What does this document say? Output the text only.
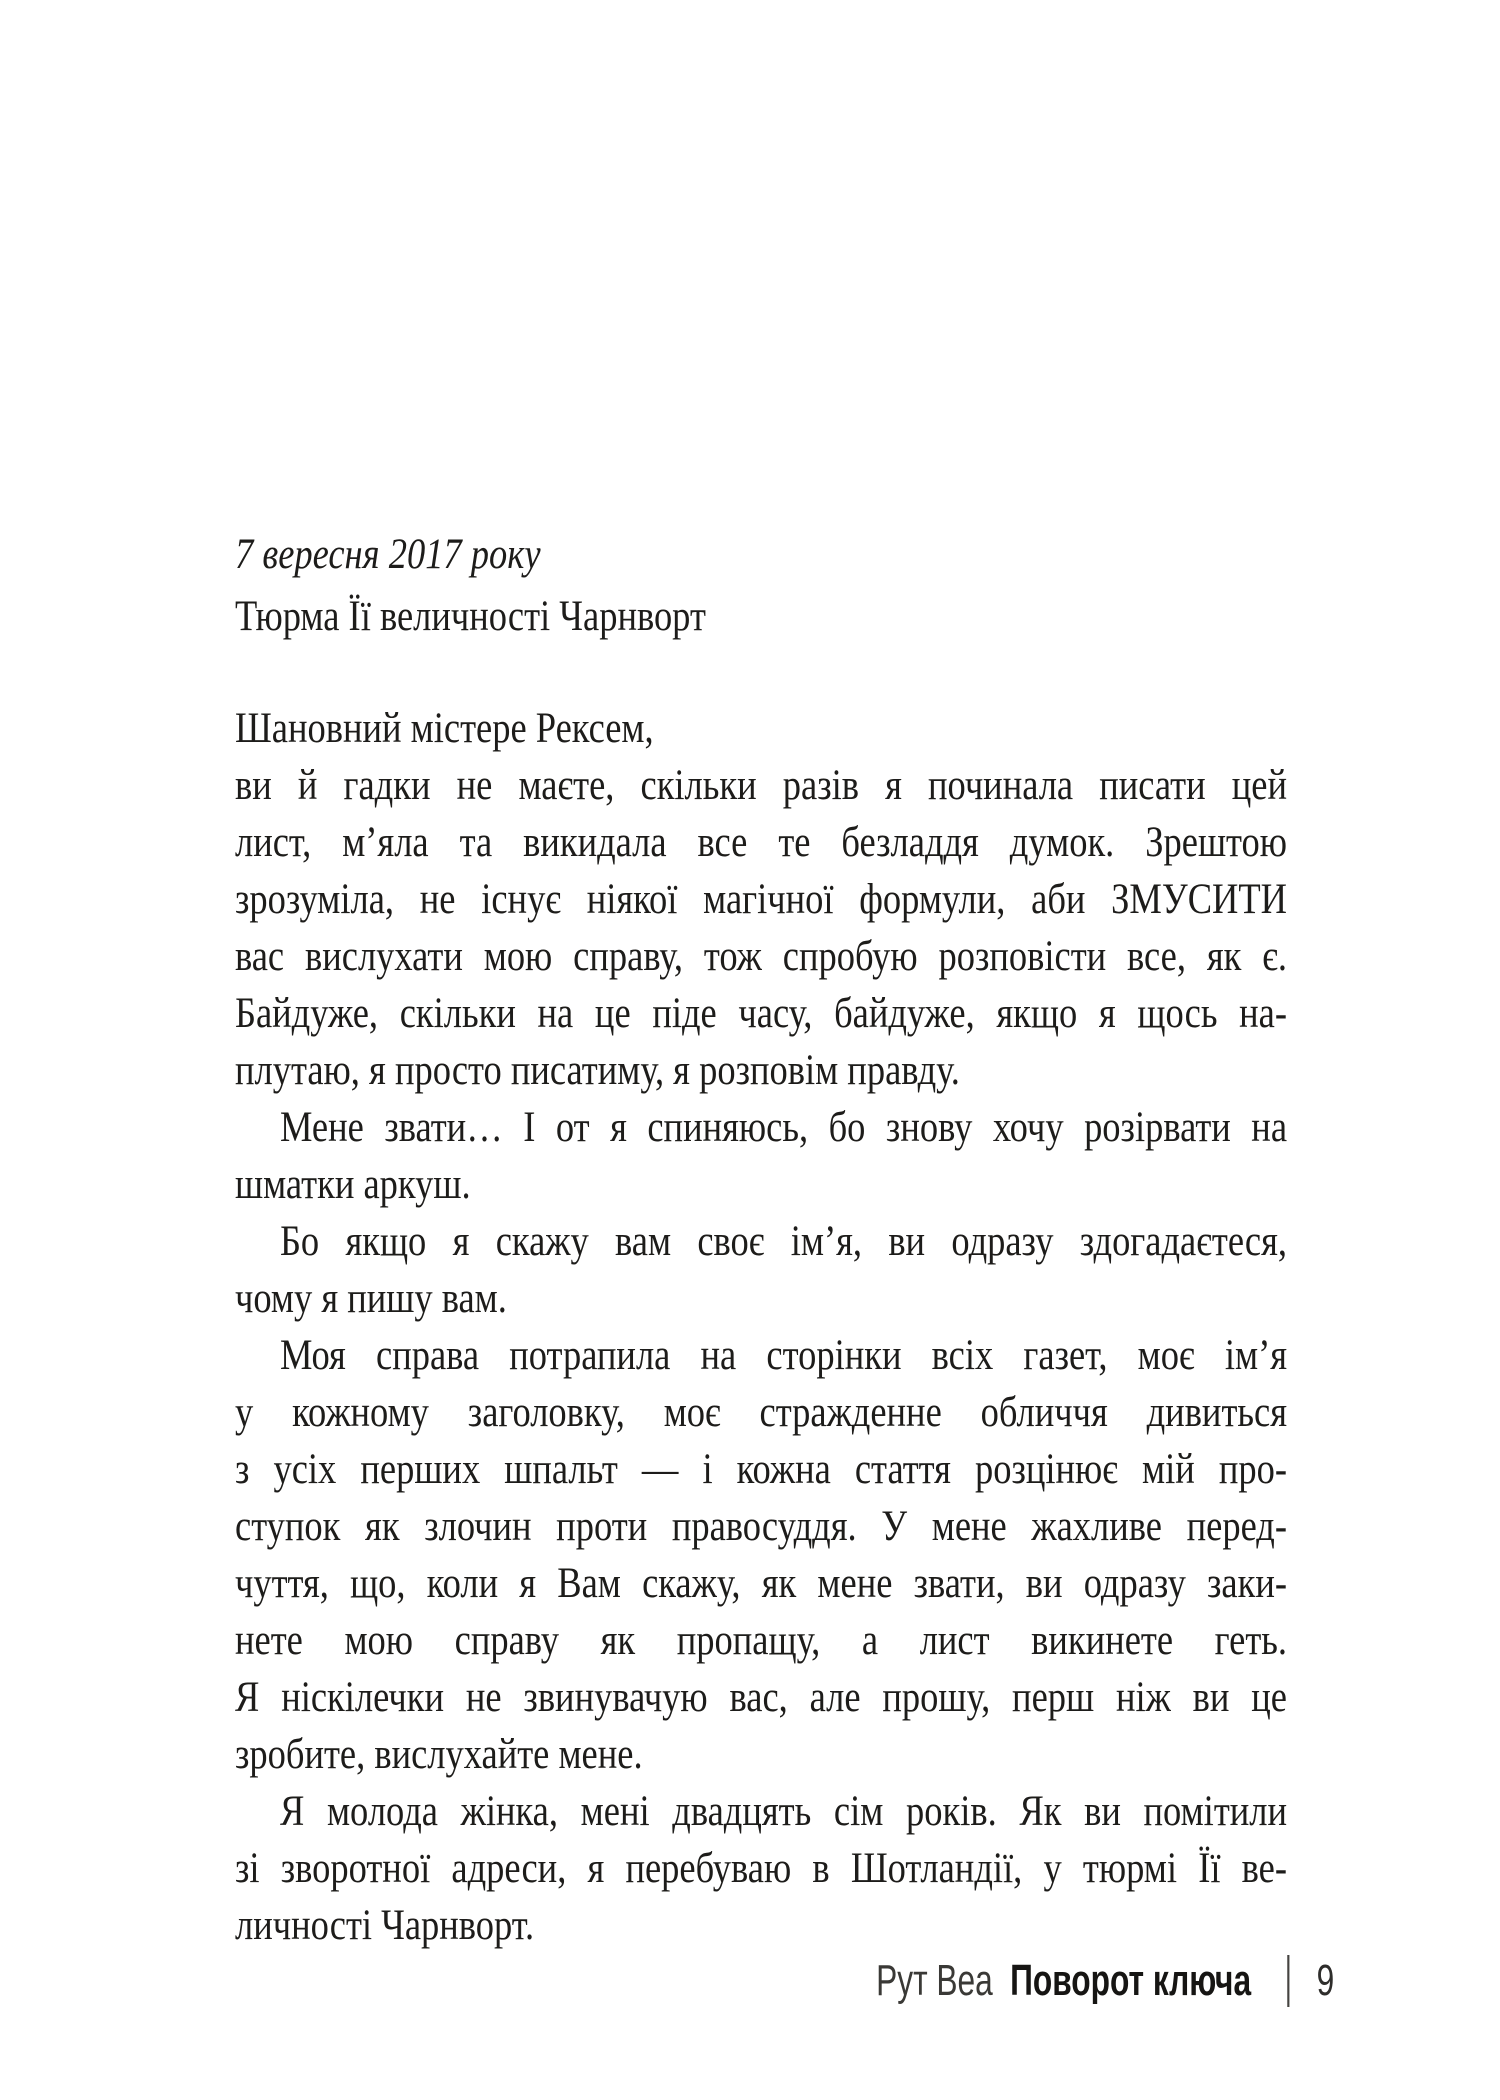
7 вересня 2017 року
Тюрма Її величності Чарнворт
Шановний містере Рексем,
ви й гадки не маєте, скільки разів я починала писати цей
лист, м’яла та викидала все те безладдя думок. Зрештою
зрозуміла, не існує ніякої магічної формули, аби ЗМУСИТИ
вас вислухати мою справу, тож спробую розповісти все, як є.
Байдуже, скільки на це піде часу, байдуже, якщо я щось на-
плутаю, я просто писатиму, я розповім правду.
Мене звати… І от я спиняюсь, бо знову хочу розірвати на
шматки аркуш.
Бо якщо я скажу вам своє ім’я, ви одразу здогадаєтеся,
чому я пишу вам.
Моя справа потрапила на сторінки всіх газет, моє ім’я
у кожному заголовку, моє стражденне обличчя дивиться
з усіх перших шпальт — і кожна стаття розцінює мій про-
ступок як злочин проти правосуддя. У мене жахливе перед-
чуття, що, коли я Вам скажу, як мене звати, ви одразу заки-
нете мою справу як пропащу, а лист викинете геть.
Я ніскілечки не звинувачую вас, але прошу, перш ніж ви це
зробите, вислухайте мене.
Я молода жінка, мені двадцять сім років. Як ви помітили
зі зворотної адреси, я перебуваю в Шотландії, у тюрмі Її ве-
личності Чарнворт.
Рут Веа Поворот ключа 9
